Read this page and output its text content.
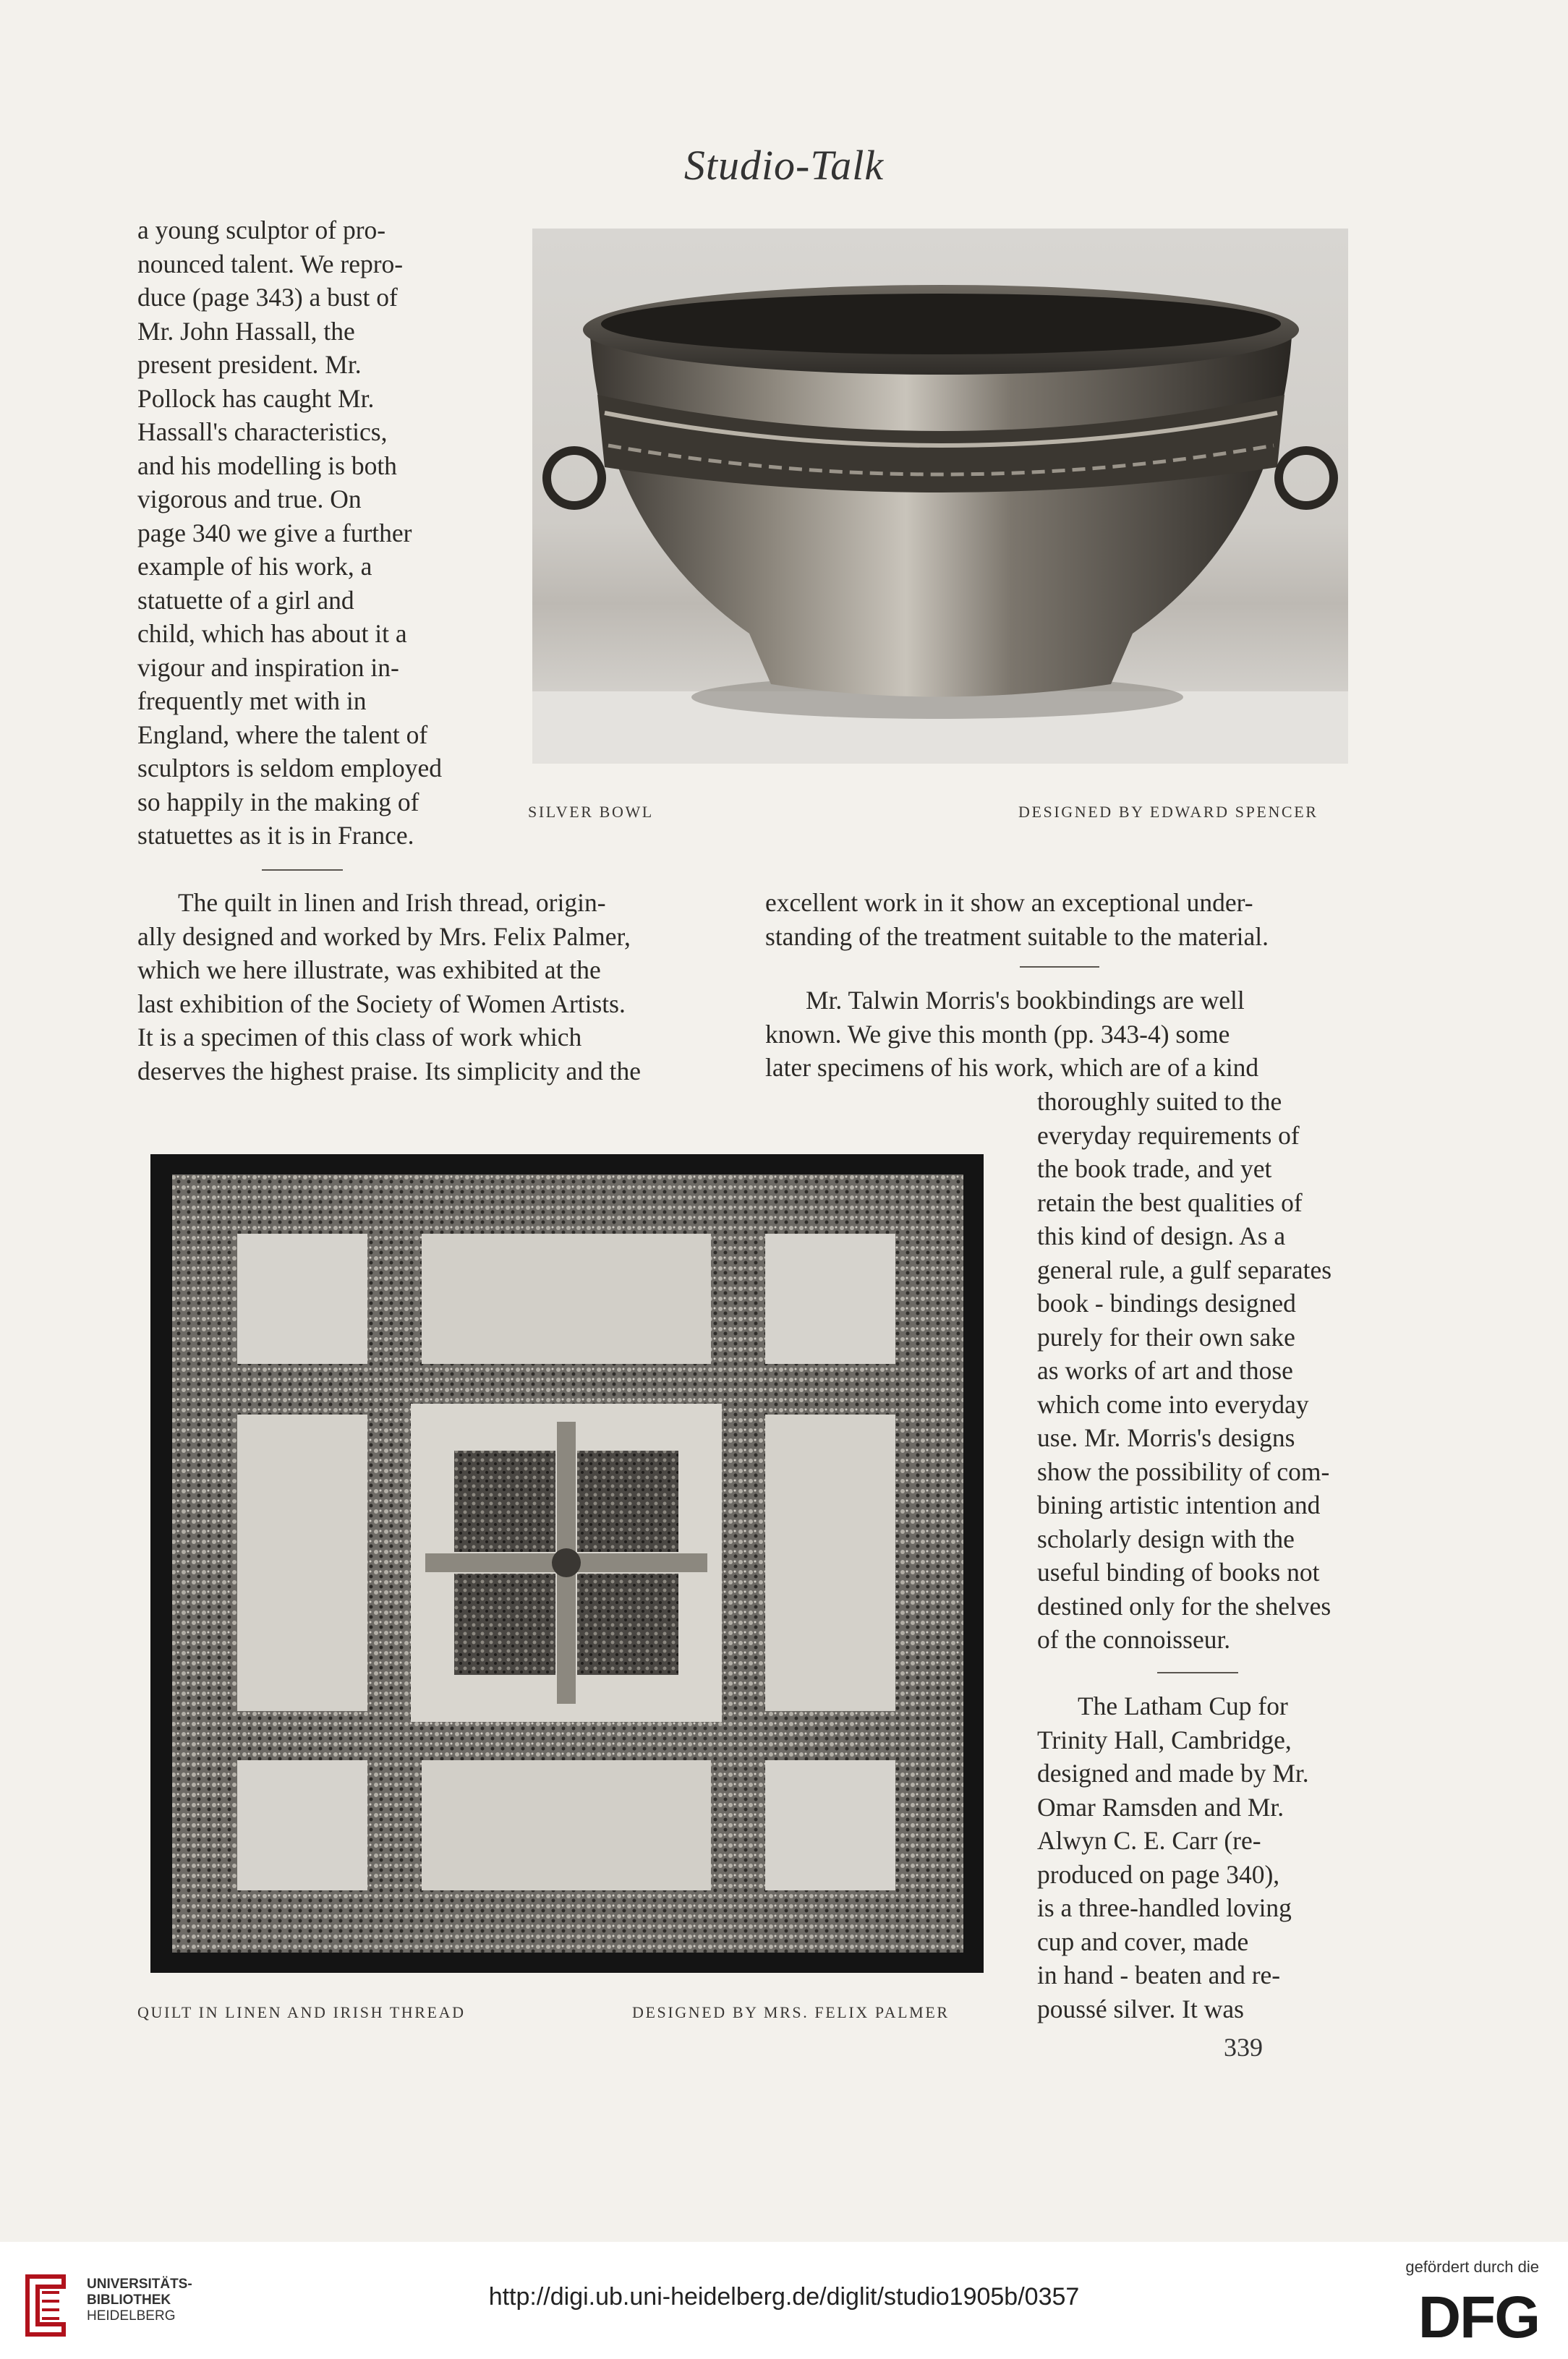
Studio-Talk

a young sculptor of pro-

nounced talent. We repro-

duce (page 343) a bust of

Mr. John Hassall, the

present president. Mr.

Pollock has caught Mr.

Hassall's characteristics,

and his modelling is both

vigorous and true. On

page 340 we give a further

example of his work, a

statuette of a girl and

child, which has about it a

vigour and inspiration in-

frequently met with in

England, where the talent of

sculptors is seldom employed

so happily in the making of

statuettes as it is in France.

SILVER BOWL	DESIGNED BY EDWARD SPENCER

The quilt in linen and Irish thread, origin-

ally designed and worked by Mrs. Felix Palmer,

which we here illustrate, was exhibited at the

last exhibition of the Society of Women Artists.

It is a specimen of this class of work which

deserves the highest praise. Its simplicity and the

excellent work in it show an exceptional under-

standing of the treatment suitable to the material.

Mr. Talwin Morris's bookbindings are well

known. We give this month (pp. 343-4) some

later specimens of his work, which are of a kind

thoroughly suited to the

everyday requirements of

the book trade, and yet

retain the best qualities of

this kind of design. As a

general rule, a gulf separates

book - bindings designed

purely for their own sake

as works of art and those

which come into everyday

use. Mr. Morris's designs

show the possibility of com-

bining artistic intention and

scholarly design with the

useful binding of books not

destined only for the shelves

of the connoisseur.

The Latham Cup for

Trinity Hall, Cambridge,

designed and made by Mr.

Omar Ramsden and Mr.

Alwyn C. E. Carr (re-

produced on page 340),

is a three-handled loving

cup and cover, made

in hand - beaten and re-

poussé silver. It was

QUILT IN LINEN AND IRISH THREAD	DESIGNED BY MRS. FELIX PALMER
339
UNIVERSITÄTS-
BIBLIOTHEK
HEIDELBERG
http://digi.ub.uni-heidelberg.de/diglit/studio1905b/0357
gefördert durch die
DFG
